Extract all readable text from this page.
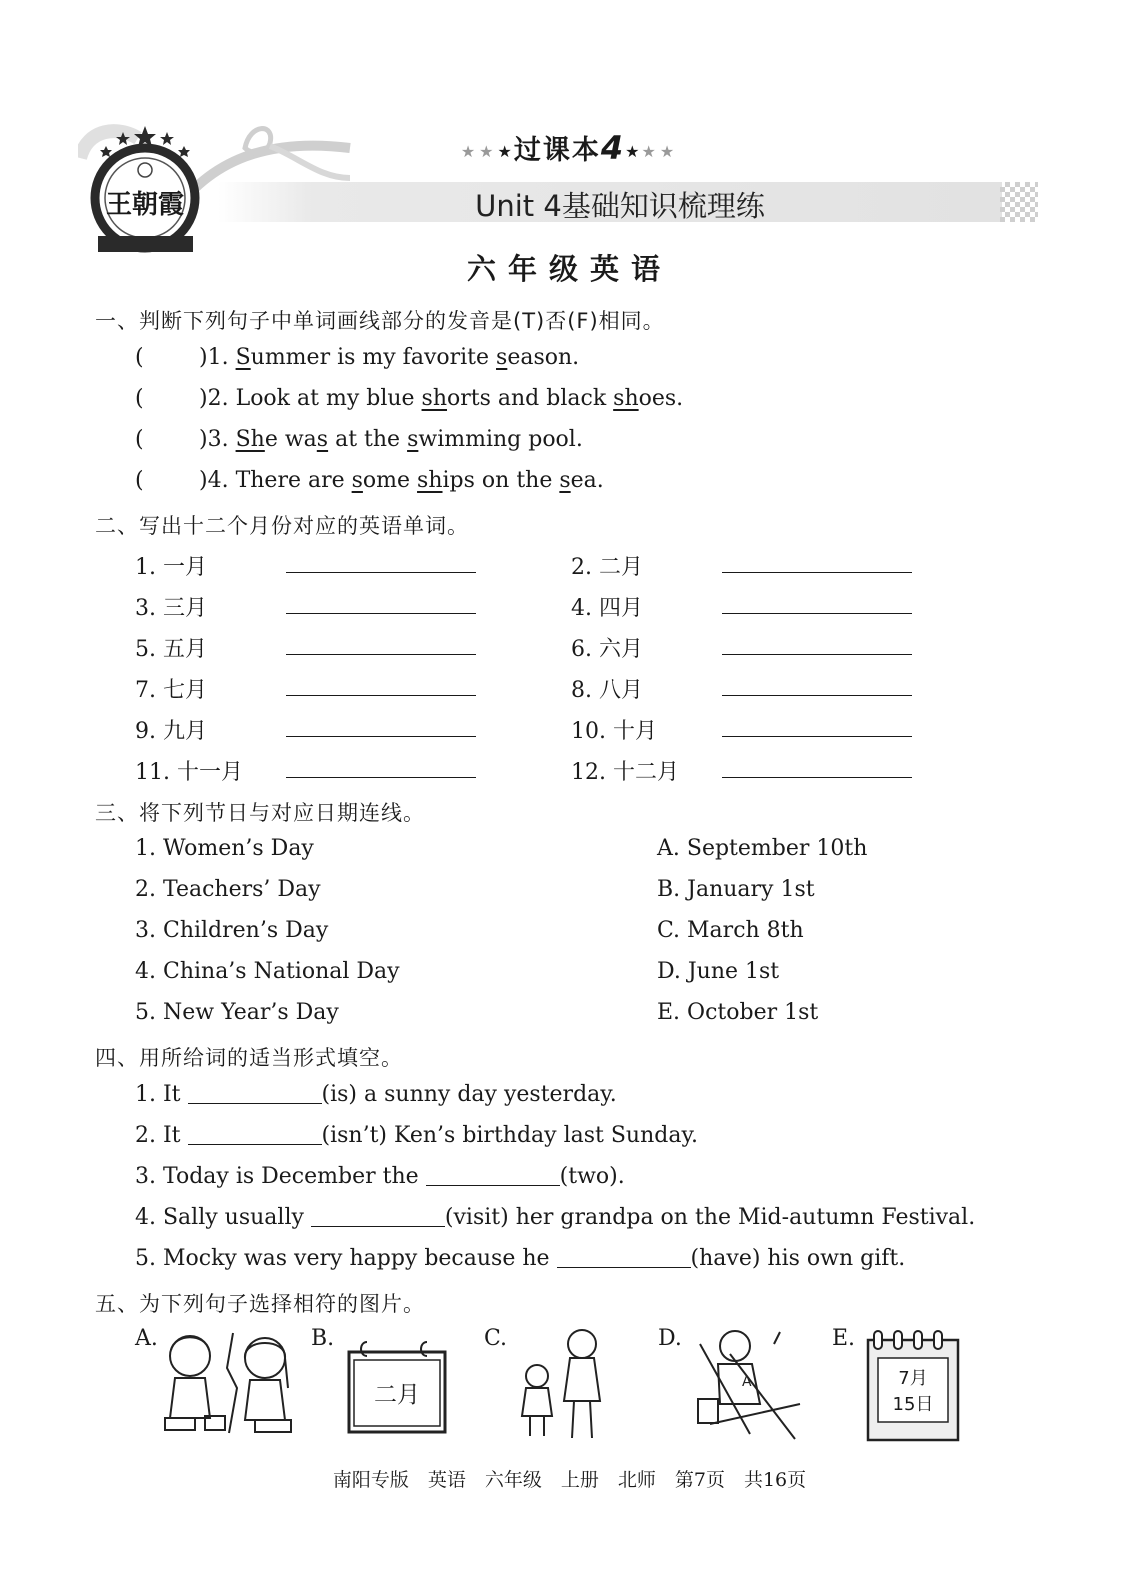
王朝霞
★★★过课本4★★★
Unit 4基础知识梳理练
六年级英语
一、判断下列句子中单词画线部分的发音是(T)否(F)相同。
(	)1. Summer is my favorite season.
(	)2. Look at my blue shorts and black shoes.
(	)3. She was at the swimming pool.
(	)4. There are some ships on the sea.
二、写出十二个月份对应的英语单词。
1. 一月	2. 二月
3. 三月	4. 四月
5. 五月	6. 六月
7. 七月	8. 八月
9. 九月	10. 十月
11. 十一月	12. 十二月
三、将下列节日与对应日期连线。
1. Women’s Day	A. September 10th
2. Teachers’ Day	B. January 1st
3. Children’s Day	C. March 8th
4. China’s National Day	D. June 1st
5. New Year’s Day	E. October 1st
四、用所给词的适当形式填空。
1. It	(is) a sunny day yesterday.
2. It	(isn’t) Ken’s birthday last Sunday.
3. Today is December the	(two).
4. Sally usually	(visit) her grandpa on the Mid-autumn Festival.
5. Mocky was very happy because he	(have) his own gift.
五、为下列句子选择相符的图片。
A.	B.	C.	D.	E.
二月	A	7月
15日
南阳专版　英语　六年级　上册　北师　第7页　共16页
